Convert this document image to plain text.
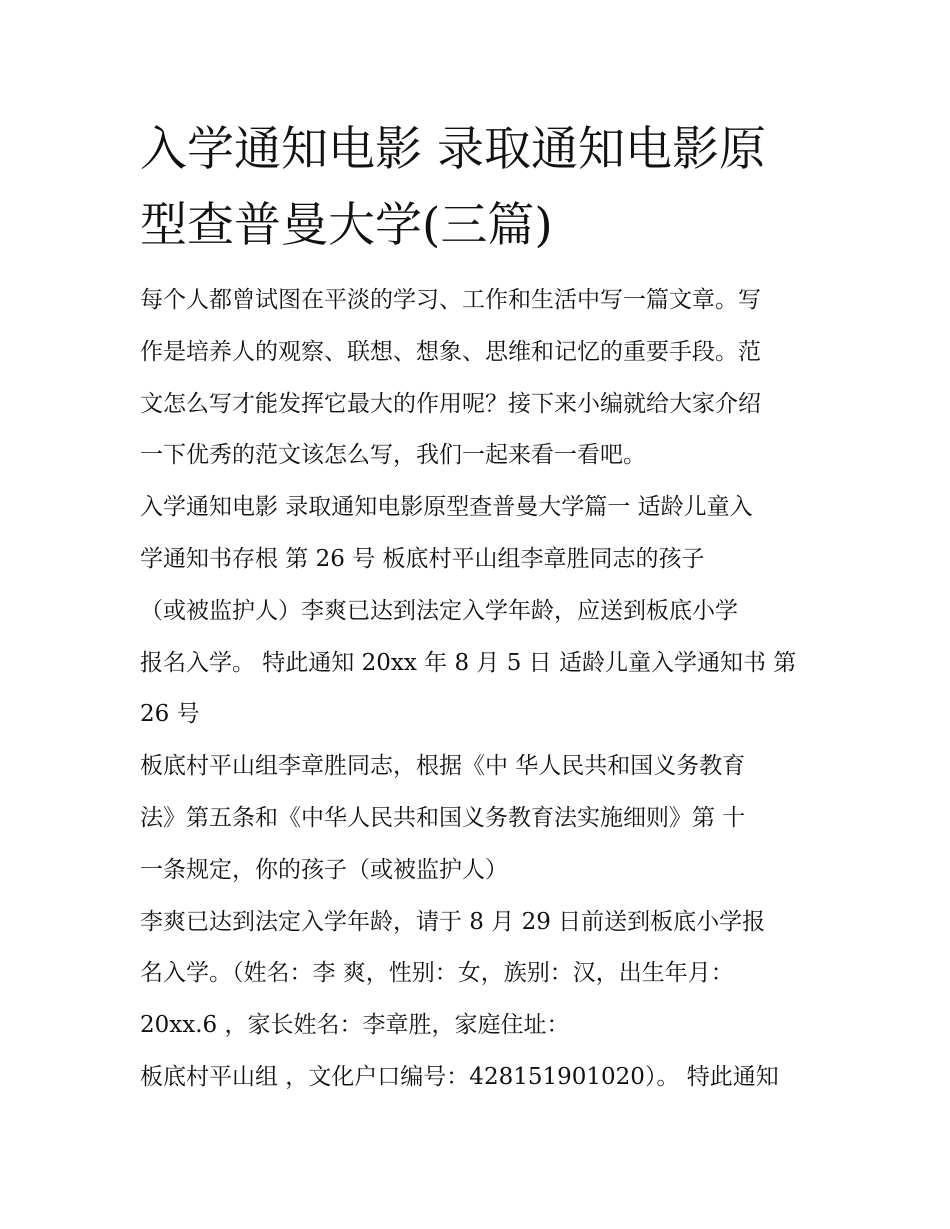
入学通知电影 录取通知电影原
型查普曼大学(三篇)
每个人都曾试图在平淡的学习、工作和生活中写一篇文章。写
作是培养人的观察、联想、想象、思维和记忆的重要手段。范
文怎么写才能发挥它最大的作用呢？接下来小编就给大家介绍
一下优秀的范文该怎么写，我们一起来看一看吧。
入学通知电影 录取通知电影原型查普曼大学篇一 适龄儿童入
学通知书存根 第 26 号 板底村平山组李章胜同志的孩子
（或被监护人）李爽已达到法定入学年龄，应送到板底小学
报名入学。 特此通知 20xx 年 8 月 5 日 适龄儿童入学通知书 第
26 号
板底村平山组李章胜同志，根据《中 华人民共和国义务教育
法》第五条和《中华人民共和国义务教育法实施细则》第 十
一条规定，你的孩子（或被监护人）
李爽已达到法定入学年龄，请于 8 月 29 日前送到板底小学报
名入学。（姓名：李 爽，性别：女，族别：汉，出生年月：
20xx.6 ，家长姓名：李章胜，家庭住址：
板底村平山组 ，文化户口编号：428151901020）。 特此通知
